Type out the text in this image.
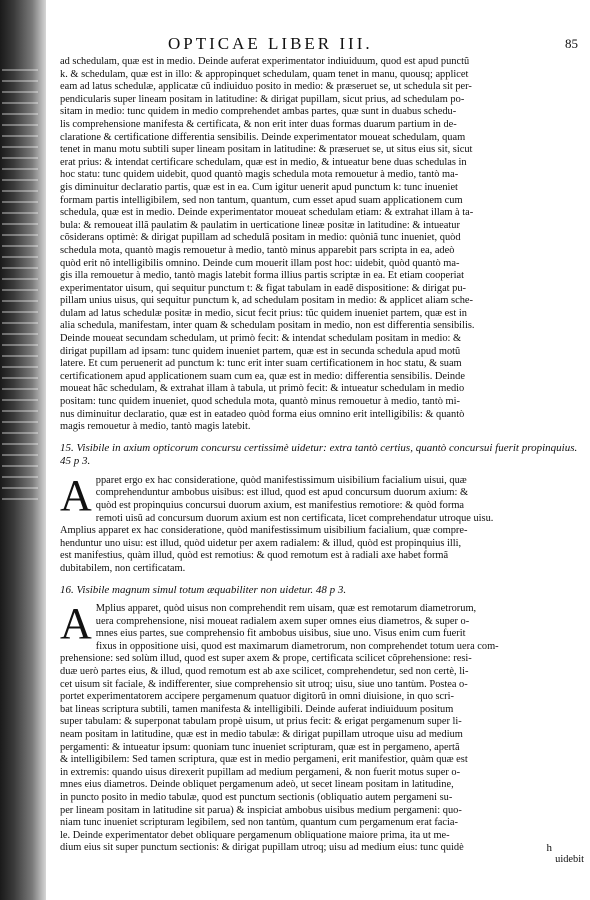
OPTICAE LIBER III.	85

ad schedulam, quæ est in medio. Deinde auferat experimentator indiuiduum, quod est apud punctũ
k. & schedulam, quæ est in illo: & appropinquet schedulam, quam tenet in manu, quousq; applicet
eam ad latus schedulæ, applicatæ cũ indiuiduo posito in medio: & præseruet se, ut schedula sit per-
pendicularis super lineam positam in latitudine: & dirigat pupillam, sicut prius, ad schedulam po-
sitam in medio: tunc quidem in medio comprehendet ambas partes, quæ sunt in duabus schedu-
lis comprehensione manifesta & certificata, & non erit inter duas formas duarum partium in de-
claratione & certificatione differentia sensibilis. Deinde experimentator moueat schedulam, quam
tenet in manu motu subtili super lineam positam in latitudine: & præseruet se, ut situs eius sit, sicut
erat prius: & intendat certificare schedulam, quæ est in medio, & intueatur bene duas schedulas in
hoc statu: tunc quidem uidebit, quod quantò magis schedula mota remouetur à medio, tantò ma-
gis diminuitur declaratio partis, quæ est in ea. Cum igitur uenerit apud punctum k: tunc inueniet
formam partis intelligibilem, sed non tantum, quantum, cum esset apud suam applicationem cum
schedula, quæ est in medio. Deinde experimentator moueat schedulam etiam: & extrahat illam à ta-
bula: & remoueat illã paulatim & paulatim in uerticatione lineæ positæ in latitudine: & intueatur
cõsiderans optimè: & dirigat pupillam ad schedulã positam in medio: quòniã tunc inueniet, quòd
schedula mota, quantò magis remouetur à medio, tantò minus apparebit pars scripta in ea, adeò
quòd erit nõ intelligibilis omnino. Deinde cum mouerit illam post hoc: uidebit, quòd quantò ma-
gis illa remouetur à medio, tantò magis latebit forma illius partis scriptæ in ea. Et etiam cooperiat
experimentator uisum, qui sequitur punctum t: & figat tabulam in eadẽ dispositione: & dirigat pu-
pillam unius uisus, qui sequitur punctum k, ad schedulam positam in medio: & applicet aliam sche-
dulam ad latus schedulæ positæ in medio, sicut fecit prius: tũc quidem inueniet partem, quæ est in
alia schedula, manifestam, inter quam & schedulam positam in medio, non est differentia sensibilis.
Deinde moueat secundam schedulam, ut primò fecit: & intendat schedulam positam in medio: &
dirigat pupillam ad ipsam: tunc quidem inueniet partem, quæ est in secunda schedula apud motũ
latere. Et cum peruenerit ad punctum k: tunc erit inter suam certificationem in hoc statu, & suam
certificationem apud applicationem suam cum ea, quæ est in medio: differentia sensibilis. Deinde
moueat hãc schedulam, & extrahat illam à tabula, ut primò fecit: & intueatur schedulam in medio
positam: tunc quidem inueniet, quod schedula mota, quantò minus remouetur à medio, tantò mi-
nus diminuitur declaratio, quæ est in eatadeo quòd forma eius omnino erit intelligibilis: & quantò
magis remouetur à medio, tantò magis latebit.

15. Visibile in axium opticorum concursu certissimè uidetur: extra tantò certius, quantò concursui fuerit propinquius. 45 p 3.
A pparet ergo ex hac consideratione, quòd manifestissimum uisibilium facialium uisui, quæ
comprehenduntur ambobus uisibus: est illud, quod est apud concursum duorum axium: &
quòd est propinquius concursui duorum axium, est manifestius remotiore: & quòd forma
remoti uisũ ad concursum duorum axium est non certificata, licet comprehendatur utroque uisu.
Amplius apparet ex hac consideratione, quòd manifestissimum uisibilium facialium, quæ compre-
henduntur uno uisu: est illud, quòd uidetur per axem radialem: & illud, quòd est propinquius illi,
est manifestius, quàm illud, quòd est remotius: & quod remotum est à radiali axe habet formã
dubitabilem, non certificatam.

16. Visibile magnum simul totum æquabiliter non uidetur. 48 p 3.
A Mplius apparet, quòd uisus non comprehendit rem uisam, quæ est remotarum diametrorum,
uera comprehensione, nisi moueat radialem axem super omnes eius diametros, & super o-
mnes eius partes, sue comprehensio fit ambobus uisibus, siue uno. Visus enim cum fuerit
fixus in oppositione uisi, quod est maximarum diametrorum, non comprehendet totum uera com-
prehensione: sed solùm illud, quod est super axem & prope, certificata scilicet cõprehensione: resi-
duæ uerò partes eius, & illud, quod remotum est ab axe scilicet, comprehendetur, sed non certè, li-
cet uisum sit faciale, & indifferenter, siue comprehensio sit utroq; uisu, siue uno tantùm. Postea o-
portet experimentatorem accipere pergamenum quatuor digitorũ in omni diuisione, in quo scri-
bat lineas scriptura subtili, tamen manifesta & intelligibili. Deinde auferat indiuiduum positum
super tabulam: & superponat tabulam propè uisum, ut prius fecit: & erigat pergamenum super li-
neam positam in latitudine, quæ est in medio tabulæ: & dirigat pupillam utroque uisu ad medium
pergamenti: & intueatur ipsum: quoniam tunc inueniet scripturam, quæ est in pergameno, apertã
& intelligibilem: Sed tamen scriptura, quæ est in medio pergameni, erit manifestior, quàm quæ est
in extremis: quando uisus direxerit pupillam ad medium pergameni, & non fuerit motus super o-
mnes eius diametros. Deinde obliquet pergamenum adeò, ut secet lineam positam in latitudine,
in puncto posito in medio tabulæ, quod est punctum sectionis (obliquatio autem pergameni su-
per lineam positam in latitudine sit parua) & inspiciat ambobus uisibus medium pergameni: quo-
niam tunc inueniet scripturam legibilem, sed non tantùm, quantum cum pergamenum erat facia-
le. Deinde experimentator debet obliquare pergamenum obliquatione maiore prima, ita ut me-
dium eius sit super punctum sectionis: & dirigat pupillam utroq; uisu ad medium eius: tunc quidè	h
uidebit
